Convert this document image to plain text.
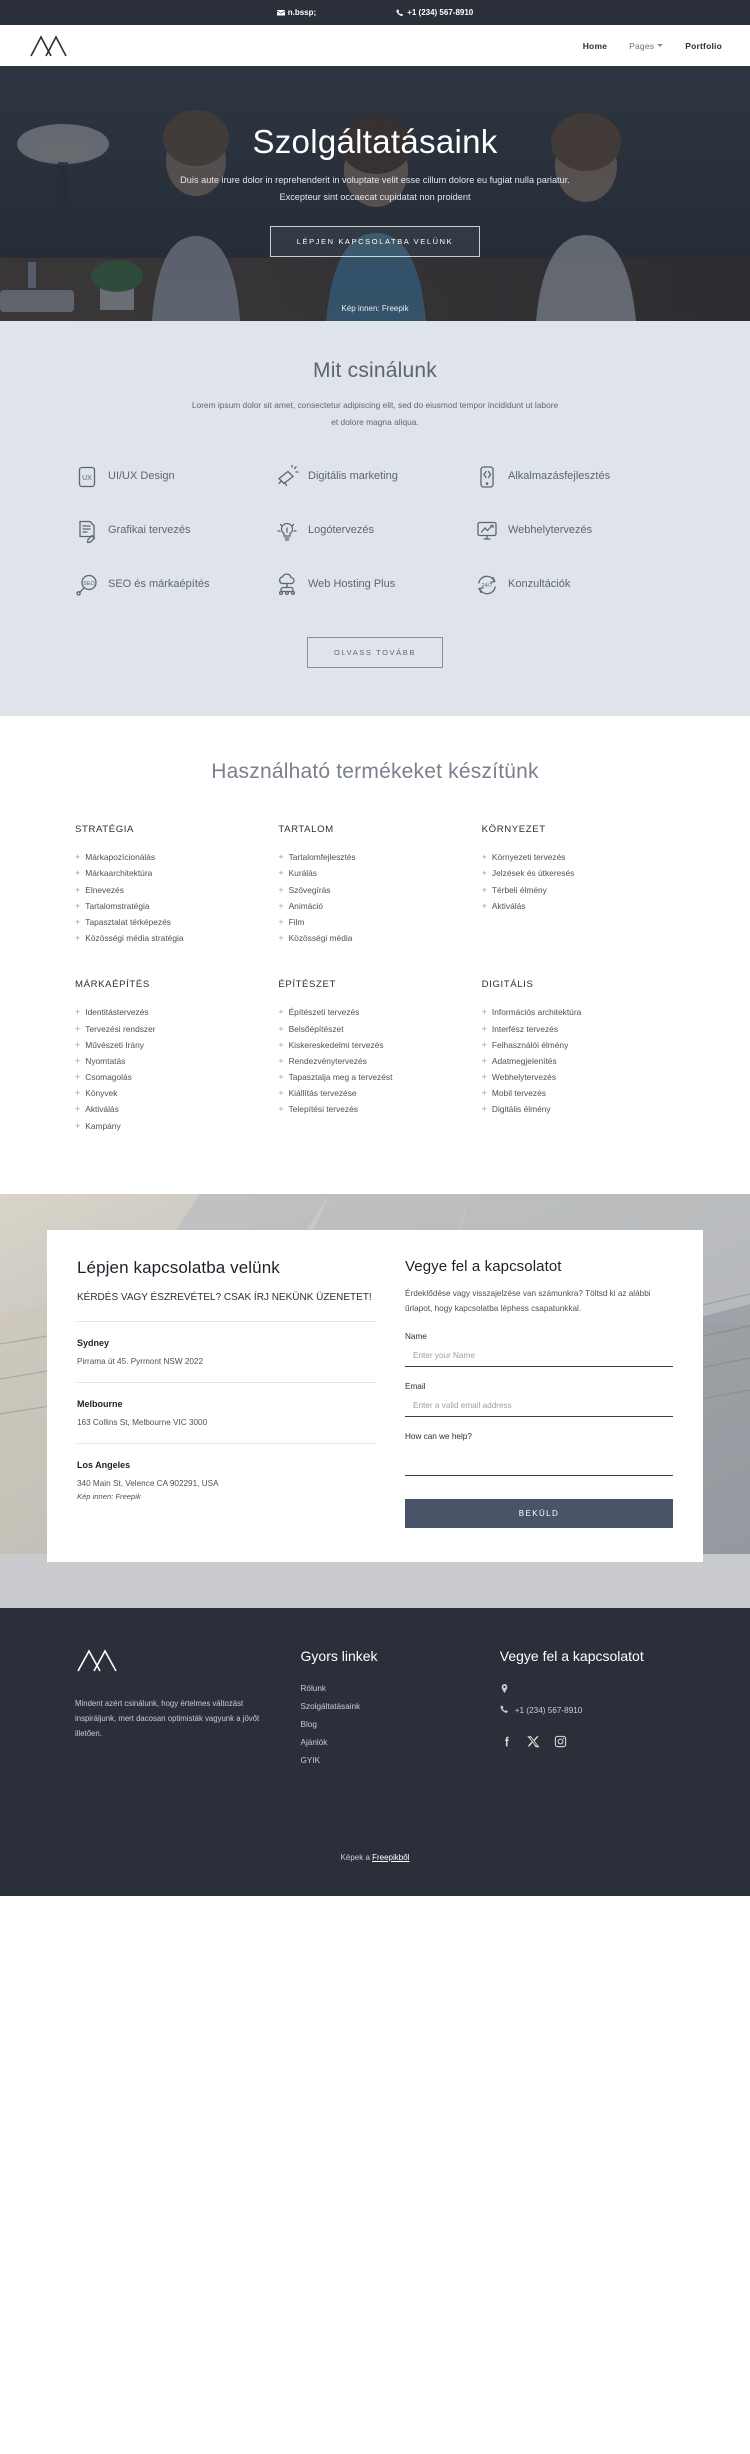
n.bssp;	+1 (234) 567-8910
Home	Pages	Portfolio
Szolgáltatásaink

Duis aute irure dolor in reprehenderit in voluptate velit esse cillum dolore eu fugiat nulla pariatur. Excepteur sint occaecat cupidatat non proident

LÉPJEN KAPCSOLATBA VELÜNK
Kép innen: Freepik
Mit csinálunk

Lorem ipsum dolor sit amet, consectetur adipiscing elit, sed do eiusmod tempor incididunt ut labore et dolore magna aliqua.

UX UI/UX Design	Digitális marketing	Alkalmazásfejlesztés
Grafikai tervezés	Logótervezés	Webhelytervezés
SEO SEO és márkaépítés	Web Hosting Plus	24/7 Konzultációk
OLVASS TOVÁBB
Használható termékeket készítünk
STRATÉGIA
+ Márkapozícionálás
+ Márkaarchitektúra
+ Elnevezés
+ Tartalomstratégia
+ Tapasztalat térképezés
+ Közösségi média stratégia
TARTALOM
+ Tartalomfejlesztés
+ Kurálás
+ Szövegírás
+ Animáció
+ Film
+ Közösségi média
KÖRNYEZET
+ Környezeti tervezés
+ Jelzések és útkeresés
+ Térbeli élmény
+ Aktiválás
MÁRKAÉPÍTÉS
+ Identitástervezés
+ Tervezési rendszer
+ Művészeti Irány
+ Nyomtatás
+ Csomagolás
+ Könyvek
+ Aktiválás
+ Kampány
ÉPÍTÉSZET
+ Építészeti tervezés
+ Belsőépítészet
+ Kiskereskedelmi tervezés
+ Rendezvénytervezés
+ Tapasztalja meg a tervezést
+ Kiállítás tervezése
+ Telepítési tervezés
DIGITÁLIS
+ Információs architektúra
+ Interfész tervezés
+ Felhasználói élmény
+ Adatmegjelenítés
+ Webhelytervezés
+ Mobil tervezés
+ Digitális élmény
Lépjen kapcsolatba velünk
KÉRDÉS VAGY ÉSZREVÉTEL? CSAK ÍRJ NEKÜNK ÜZENETET!
Sydney
Pirrama út 45. Pyrmont NSW 2022
Melbourne
163 Collins St, Melbourne VIC 3000
Los Angeles
340 Main St, Velence CA 902291, USA
Kép innen: Freepik
Vegye fel a kapcsolatot

Érdeklődése vagy visszajelzése van számunkra? Töltsd ki az alábbi űrlapot, hogy kapcsolatba léphess csapatunkkal.

Name
Enter your Name
Email
Enter a valid email address
How can we help?
BEKÜLD
Mindent azért csinálunk, hogy értelmes változást inspiráljunk, mert dacosan optimisták vagyunk a jövőt illetően.
Gyors linkek
Rólunk
Szolgáltatásaink
Blog
Ajánlók
GYIK
Vegye fel a kapcsolatot
+1 (234) 567-8910
Képek a Freepikből
